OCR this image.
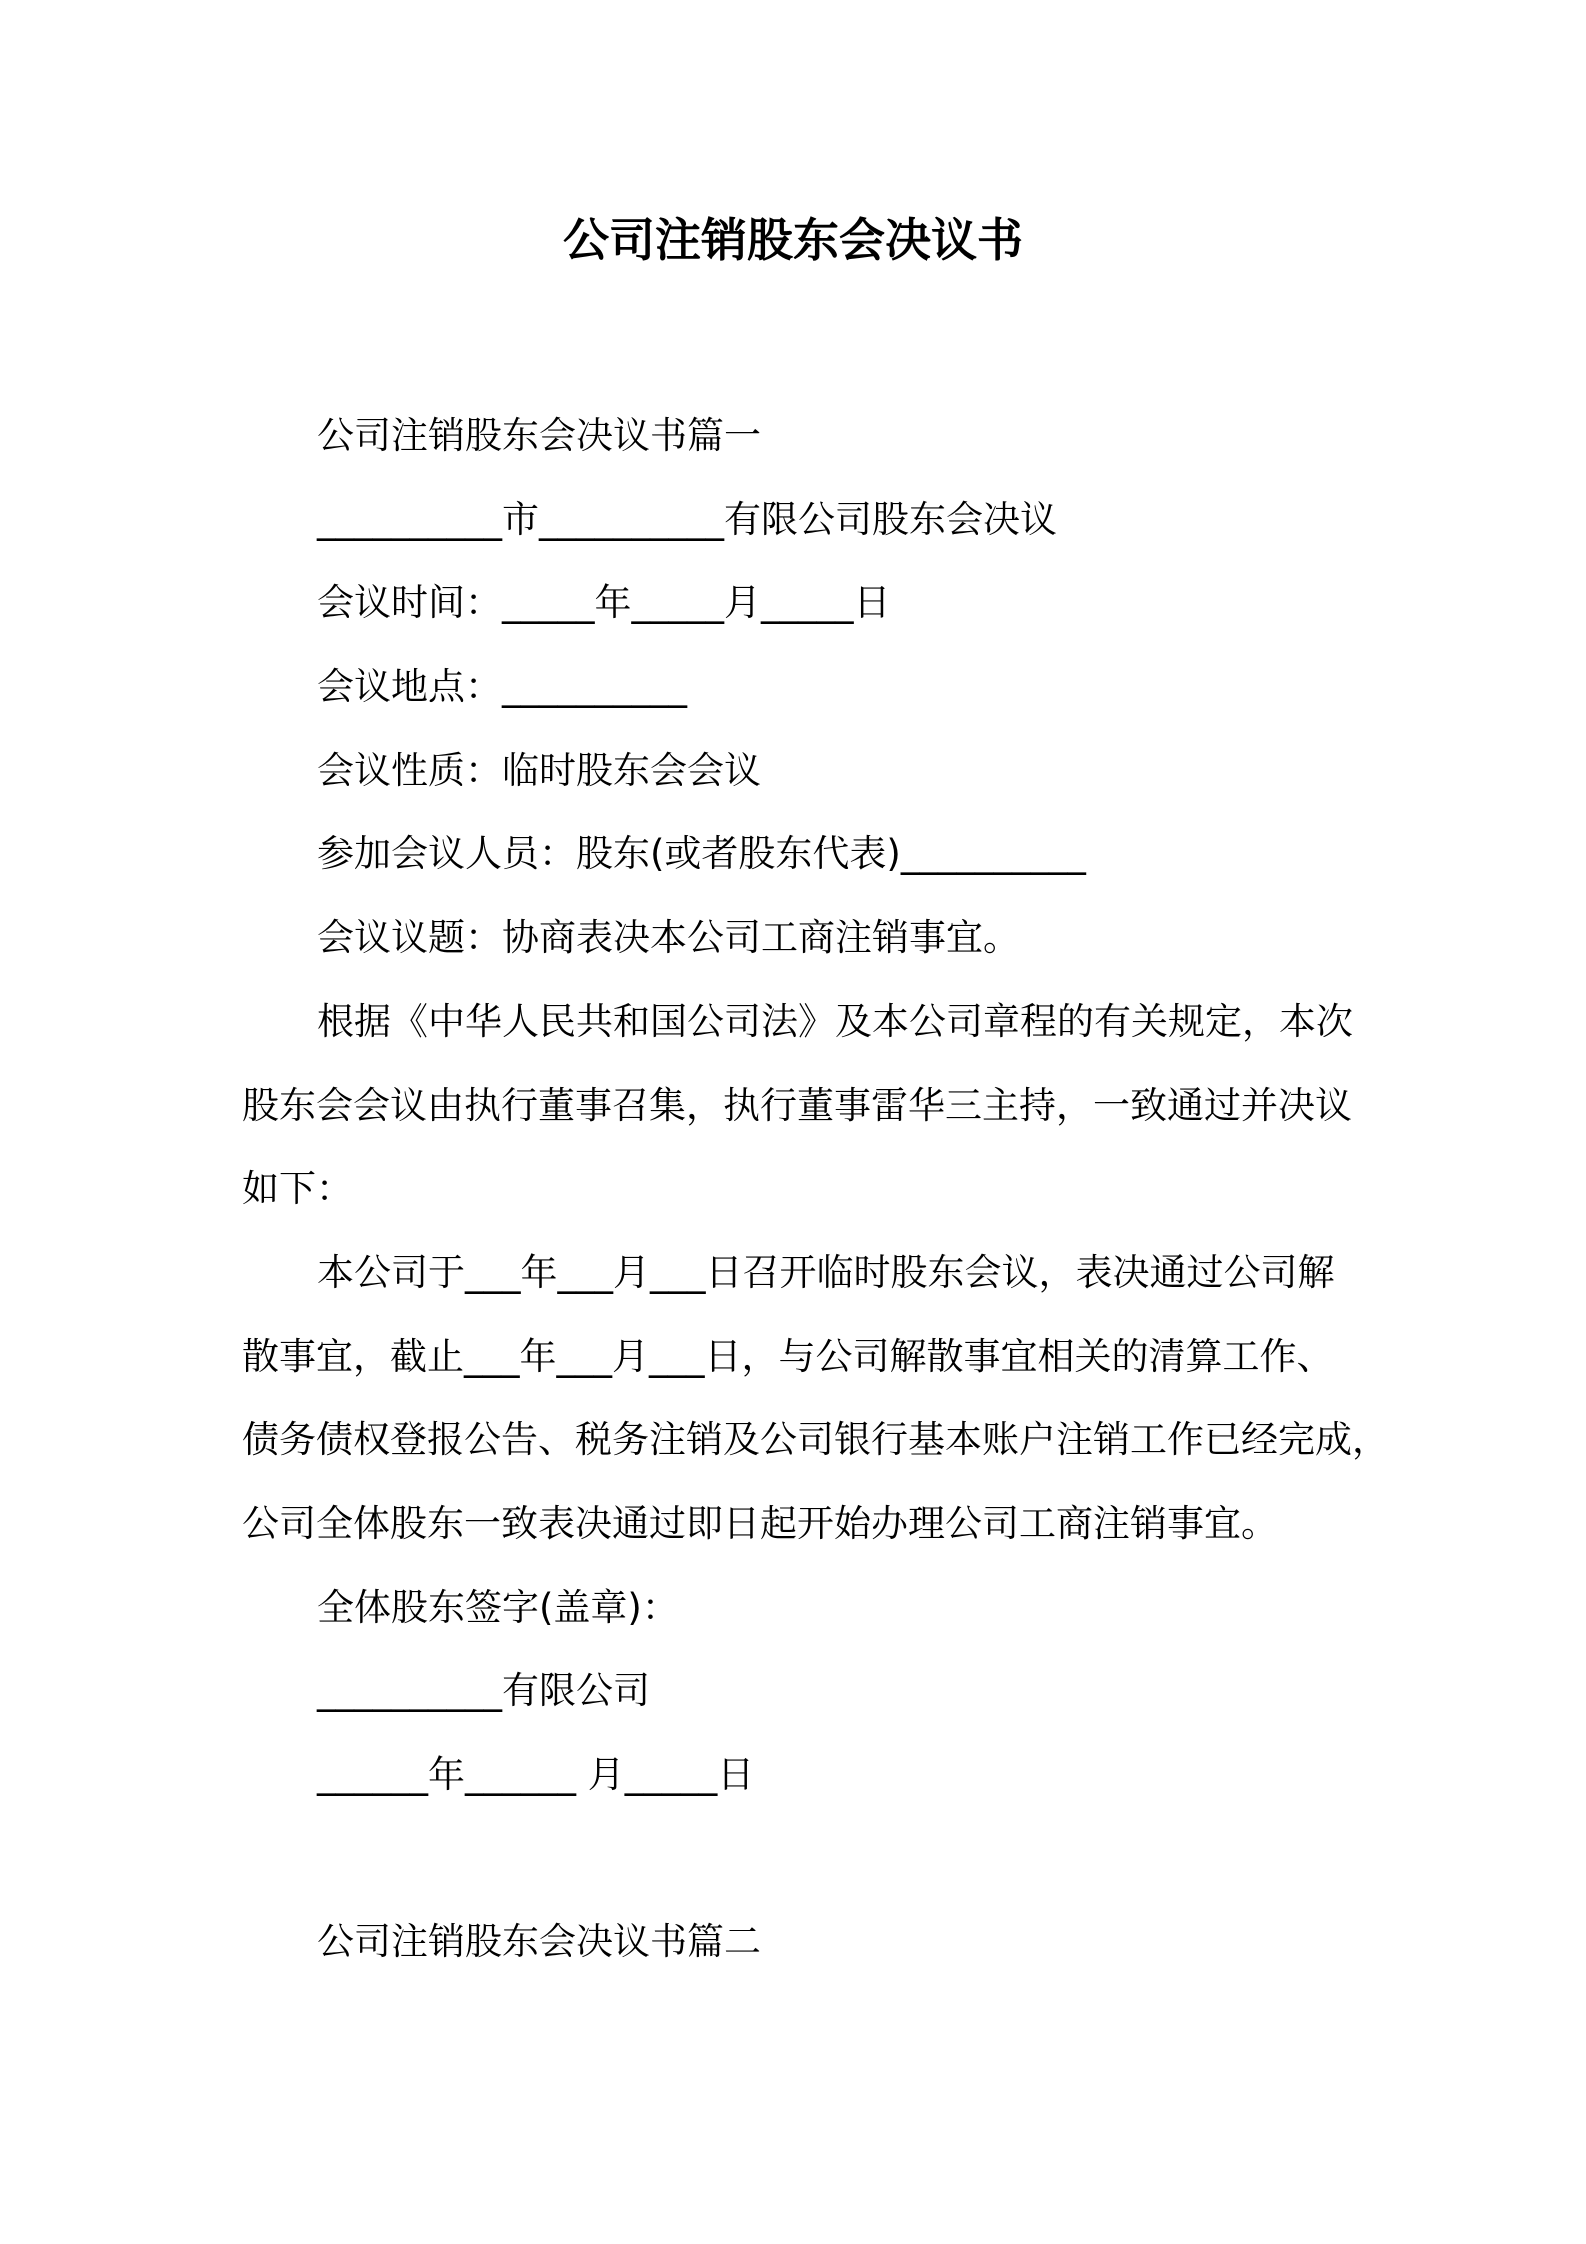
公司注销股东会决议书
公司注销股东会决议书篇一
__________市__________有限公司股东会决议
会议时间：_____年_____月_____日
会议地点：__________
会议性质：临时股东会会议
参加会议人员：股东(或者股东代表)__________
会议议题：协商表决本公司工商注销事宜。
根据《中华人民共和国公司法》及本公司章程的有关规定，本次
股东会会议由执行董事召集，执行董事雷华三主持，一致通过并决议
如下：
本公司于___年___月___日召开临时股东会议，表决通过公司解
散事宜，截止___年___月___日，与公司解散事宜相关的清算工作、
债务债权登报公告、税务注销及公司银行基本账户注销工作已经完成，
公司全体股东一致表决通过即日起开始办理公司工商注销事宜。
全体股东签字(盖章)：
__________有限公司
______年______ 月_____日
公司注销股东会决议书篇二
